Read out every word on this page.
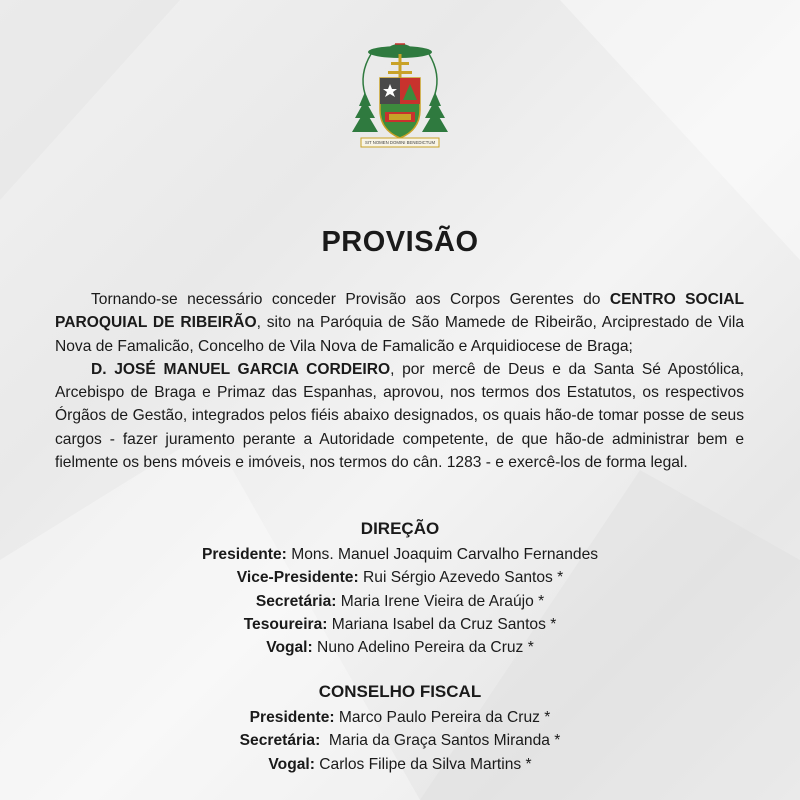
SIT NOMEN DOMINI BENEDICTUM
PROVISÃO

Tornando-se necessário conceder Provisão aos Corpos Gerentes do CENTRO SOCIAL PAROQUIAL DE RIBEIRÃO, sito na Paróquia de São Mamede de Ribeirão, Arciprestado de Vila Nova de Famalicão, Concelho de Vila Nova de Famalicão e Arquidiocese de Braga;

D. JOSÉ MANUEL GARCIA CORDEIRO, por mercê de Deus e da Santa Sé Apostólica, Arcebispo de Braga e Primaz das Espanhas, aprovou, nos termos dos Estatutos, os respectivos Órgãos de Gestão, integrados pelos fiéis abaixo designados, os quais hão-de tomar posse de seus cargos - fazer juramento perante a Autoridade competente, de que hão-de administrar bem e fielmente os bens móveis e imóveis, nos termos do cân. 1283 - e exercê-los de forma legal.

DIREÇÃO
Presidente: Mons. Manuel Joaquim Carvalho Fernandes
Vice-Presidente: Rui Sérgio Azevedo Santos *
Secretária: Maria Irene Vieira de Araújo *
Tesoureira: Mariana Isabel da Cruz Santos *
Vogal: Nuno Adelino Pereira da Cruz *
CONSELHO FISCAL
Presidente: Marco Paulo Pereira da Cruz *
Secretária:  Maria da Graça Santos Miranda *
Vogal: Carlos Filipe da Silva Martins *
